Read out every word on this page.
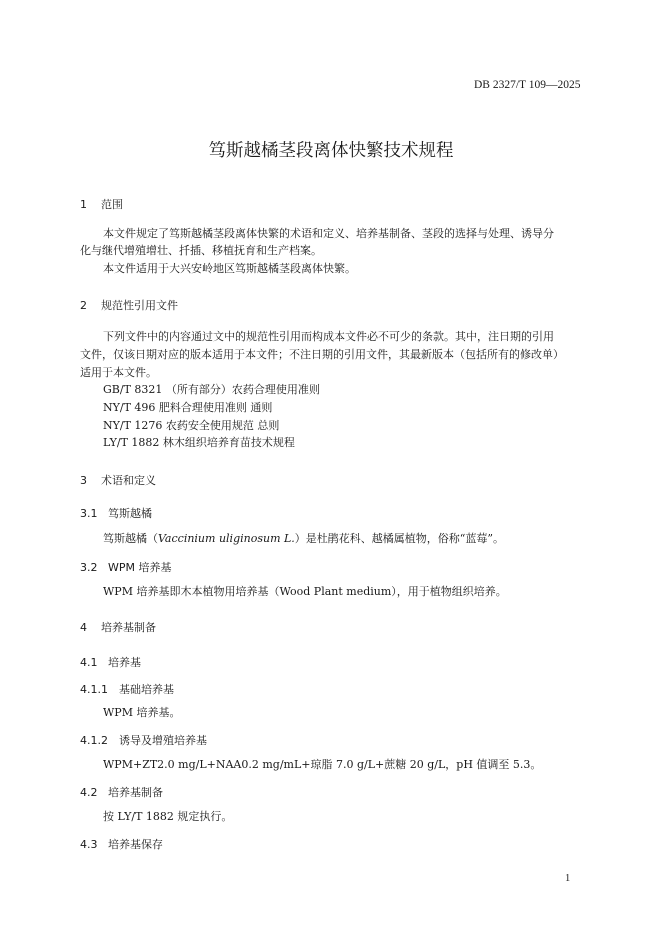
DB 2327/T 109—2025
笃斯越橘茎段离体快繁技术规程
1 范围
本文件规定了笃斯越橘茎段离体快繁的术语和定义、培养基制备、茎段的选择与处理、诱导分
化与继代增殖增壮、扦插、移植抚育和生产档案。
本文件适用于大兴安岭地区笃斯越橘茎段离体快繁。
2 规范性引用文件
下列文件中的内容通过文中的规范性引用而构成本文件必不可少的条款。其中，注日期的引用
文件，仅该日期对应的版本适用于本文件；不注日期的引用文件，其最新版本（包括所有的修改单）
适用于本文件。
GB/T 8321 （所有部分）农药合理使用准则
NY/T 496 肥料合理使用准则 通则
NY/T 1276 农药安全使用规范 总则
LY/T 1882 林木组织培养育苗技术规程
3 术语和定义
3.1 笃斯越橘
笃斯越橘（Vaccinium uliginosum L.）是杜鹃花科、越橘属植物，俗称“蓝莓”。
3.2 WPM 培养基
WPM 培养基即木本植物用培养基（Wood Plant medium），用于植物组织培养。
4 培养基制备
4.1 培养基
4.1.1 基础培养基
WPM 培养基。
4.1.2 诱导及增殖培养基
WPM+ZT2.0 mg/L+NAA0.2 mg/mL+琼脂 7.0 g/L+蔗糖 20 g/L，pH 值调至 5.3。
4.2 培养基制备
按 LY/T 1882 规定执行。
4.3 培养基保存
1
